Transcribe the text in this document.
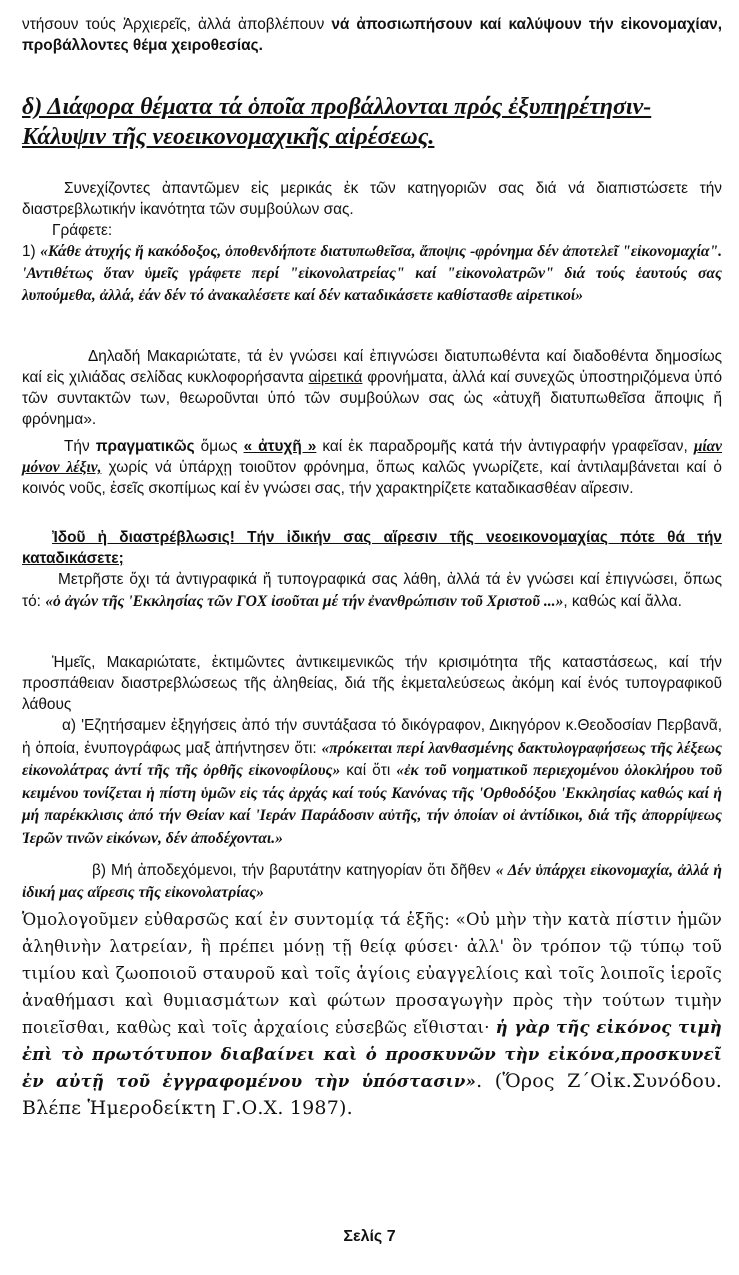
ντήσουν τούς Ἀρχιερεῖς, ἀλλά ἀποβλέπουν νά ἀποσιωπήσουν καί καλύψουν τήν εἰκονομαχίαν, προβάλλοντες θέμα χειροθεσίας.

δ) Διάφορα θέματα τά ὁποῖα προβάλλονται πρός ἐξυπηρέτησιν-
Κάλυψιν τῆς νεοεικονομαχικῆς αἱρέσεως.

Συνεχίζοντες ἀπαντῶμεν εἰς μερικάς ἐκ τῶν κατηγοριῶν σας διά νά διαπιστώσετε τήν διαστρεβλωτικήν ἱκανότητα τῶν συμβούλων σας.

Γράφετε:

1) «Κάθε ἀτυχής ἤ κακόδοξος, ὁποθενδήποτε διατυπωθεῖσα, ἄποψις -φρόνημα δέν ἀποτελεῖ "εἰκονομαχία". 'Αντιθέτως ὅταν ὑμεῖς γράφετε περί "εἰκονολατρείας" καί "εἰκονολατρῶν" διά τούς ἑαυτούς σας λυπούμεθα, ἀλλά, ἐάν δέν τό ἀνακαλέσετε καί δέν καταδικάσετε καθίστασθε αἱρετικοί»

Δηλαδή Μακαριώτατε, τά ἐν γνώσει καί ἐπιγνώσει διατυπωθέντα καί διαδοθέντα δημοσίως καί εἰς χιλιάδας σελίδας κυκλοφορήσαντα αἱρετικά φρονήματα, ἀλλά καί συνεχῶς ὑποστηριζόμενα ὑπό τῶν συντακτῶν των, θεωροῦνται ὑπό τῶν συμβούλων σας ὡς «ἀτυχῆ διατυπωθεῖσα ἄποψις ἤ φρόνημα».

Τήν πραγματικῶς ὅμως « ἀτυχῆ » καί ἐκ παραδρομῆς κατά τήν ἀντιγραφήν γραφεῖσαν, μίαν μόνον λέξιν, χωρίς νά ὑπάρχῃ τοιοῦτον φρόνημα, ὅπως καλῶς γνωρίζετε, καί ἀντιλαμβάνεται καί ὁ κοινός νοῦς, ἐσεῖς σκοπίμως καί ἐν γνώσει σας, τήν χαρακτηρίζετε καταδικασθέαν αἵρεσιν.

Ἰδοῦ ἡ διαστρέβλωσις! Τήν ἰδικήν σας αἵρεσιν τῆς νεοεικονομαχίας πότε θά τήν καταδικάσετε;

Μετρῆστε ὄχι τά ἀντιγραφικά ἤ τυπογραφικά σας λάθη, ἀλλά τά ἐν γνώσει καί ἐπιγνώσει, ὅπως τό: «ὁ ἀγών τῆς 'Εκκλησίας τῶν ΓΟΧ ἰσοῦται μέ τήν ἐνανθρώπισιν τοῦ Χριστοῦ ...», καθώς καί ἄλλα.

Ἡμεῖς, Μακαριώτατε, ἐκτιμῶντες ἀντικειμενικῶς τήν κρισιμότητα τῆς καταστάσεως, καί τήν προσπάθειαν διαστρεβλώσεως τῆς ἀληθείας, διά τῆς ἐκμεταλεύσεως ἀκόμη καί ἑνός τυπογραφικοῦ λάθους

α) 'Εζητήσαμεν ἐξηγήσεις ἀπό τήν συντάξασα τό δικόγραφον, Δικηγόρον κ.Θεοδοσίαν Περβανᾶ, ἡ ὁποία, ἐνυπογράφως μαξ ἀπήντησεν ὅτι: «πρόκειται περί λανθασμένης δακτυλογραφήσεως τῆς λέξεως εἰκονολάτρας ἀντί τῆς τῆς ὀρθῆς εἰκονοφίλους» καί ὅτι «ἐκ τοῦ νοηματικοῦ περιεχομένου ὁλοκλήρου τοῦ κειμένου τονίζεται ἡ πίστη ὑμῶν εἰς τάς ἀρχάς καί τούς Κανόνας τῆς 'Ορθοδόξου 'Εκκλησίας καθώς καί ἡ μή παρέκκλισις ἀπό τήν Θείαν καί 'Ιεράν Παράδοσιν αὐτῆς, τήν ὁποίαν οἱ ἀντίδικοι, διά τῆς ἀπορρίψεως Ἱερῶν τινῶν εἰκόνων, δέν ἀποδέχονται.»

β) Μή ἀποδεχόμενοι, τήν βαρυτάτην κατηγορίαν ὅτι δῆθεν « Δέν ὑπάρχει εἰκονομαχία, ἀλλά ἡ ἰδική μας αἵρεσις τῆς εἰκονολατρίας»

Ὁμολογοῦμεν εὐθαρσῶς καί ἐν συντομίᾳ τά ἑξῆς: «Οὐ μὴν τὴν κατὰ πίστιν ἡμῶν ἀληθινὴν λατρείαν, ἣ πρέπει μόνῃ τῇ θείᾳ φύσει· ἀλλ' ὃν τρόπον τῷ τύπῳ τοῦ τιμίου καὶ ζωοποιοῦ σταυροῦ καὶ τοῖς ἁγίοις εὐαγγελίοις καὶ τοῖς λοιποῖς ἱεροῖς ἀναθήμασι καὶ θυμιασμάτων καὶ φώτων προσαγωγὴν πρὸς τὴν τούτων τιμὴν ποιεῖσθαι, καθὼς καὶ τοῖς ἀρχαίοις εὐσεβῶς εἴθισται· ἡ γὰρ τῆς εἰκόνος τιμὴ ἐπὶ τὸ πρωτότυπον διαβαίνει καὶ ὁ προσκυνῶν τὴν εἰκόνα,προσκυνεῖ ἐν αὐτῇ τοῦ ἐγγραφομένου τὴν ὑπόστασιν». (Ὅρος Ζ΄Οἰκ.Συνόδου. Βλέπε Ἡμεροδείκτη Γ.Ο.Χ. 1987).

Σελίς 7
